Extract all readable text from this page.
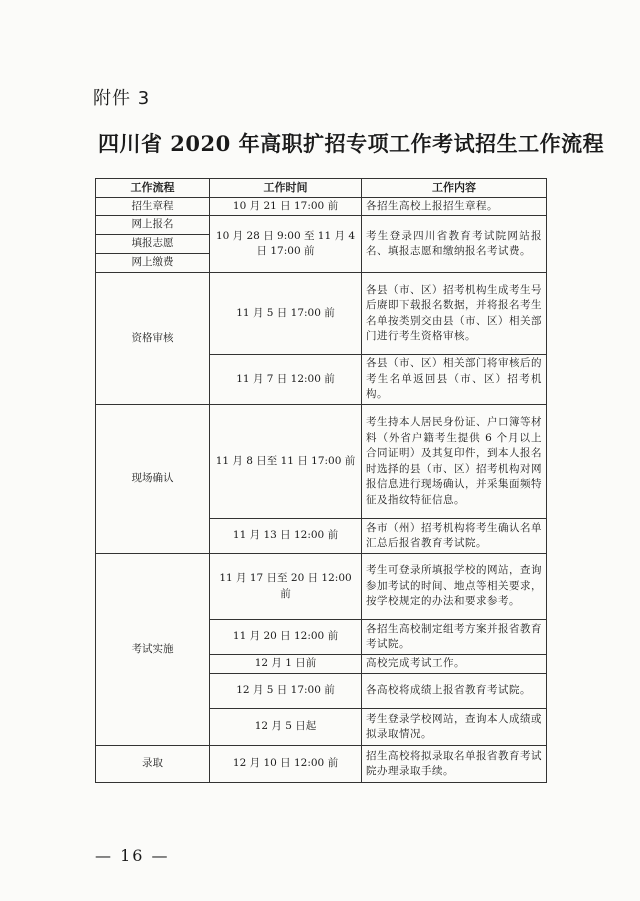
附件 3
四川省 2020 年高职扩招专项工作考试招生工作流程
工作流程	工作时间	工作内容
招生章程	10 月 21 日 17:00 前	各招生高校上报招生章程。
网上报名	10 月 28 日 9:00 至 11 月 4 日 17:00 前	考生登录四川省教育考试院网站报名、填报志愿和缴纳报名考试费。
填报志愿		
网上缴费		
资格审核	11 月 5 日 17:00 前	各县（市、区）招考机构生成考生号后赓即下载报名数据，并将报名考生名单按类别交由县（市、区）相关部门进行考生资格审核。
	11 月 7 日 12:00 前	各县（市、区）相关部门将审核后的考生名单返回县（市、区）招考机构。
现场确认	11 月 8 日至 11 日 17:00 前	考生持本人居民身份证、户口簿等材料（外省户籍考生提供 6 个月以上合同证明）及其复印件，到本人报名时选择的县（市、区）招考机构对网报信息进行现场确认，并采集面频特征及指纹特征信息。
	11 月 13 日 12:00 前	各市（州）招考机构将考生确认名单汇总后报省教育考试院。
考试实施	11 月 17 日至 20 日 12:00 前	考生可登录所填报学校的网站，查询参加考试的时间、地点等相关要求，按学校规定的办法和要求参考。
	11 月 20 日 12:00 前	各招生高校制定组考方案并报省教育考试院。
	12 月 1 日前	高校完成考试工作。
	12 月 5 日 17:00 前	各高校将成绩上报省教育考试院。
	12 月 5 日起	考生登录学校网站，查询本人成绩或拟录取情况。
录取	12 月 10 日 12:00 前	招生高校将拟录取名单报省教育考试院办理录取手续。
— 16 —
